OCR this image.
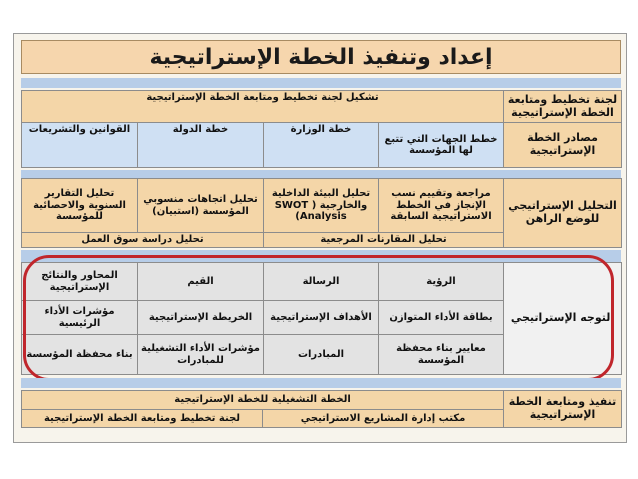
إعداد وتنفيذ الخطة الإستراتيجية
لجنة تخطيط ومتابعة الخطة الإستراتيجية	تشكيل لجنة تخطيط ومتابعة الخطة الإستراتيجية
مصادر الخطة الإستراتيجية	خطط الجهات التي تتبع لها المؤسسة	خطة الوزارة	خطة الدولة	القوانين والتشريعات
التحليل الإستراتيجي للوضع الراهن	مراجعة وتقييم نسب الإنجاز في الخطط الاستراتيجية السابقة	تحليل البيئة الداخلية والخارجية ( SWOT Analysis)	تحليل اتجاهات منسوبي المؤسسة (استبيان)	تحليل التقارير السنوية والاحصائية للمؤسسة
	تحليل المقارنات المرجعية		تحليل دراسة سوق العمل	
التوجه الإستراتيجي	الرؤية	الرسالة	القيم	المحاور والنتائج الإستراتيجية
	بطاقة الأداء المتوازن	الأهداف الإستراتيجية	الخريطة الإستراتيجية	مؤشرات الأداء الرئيسية
	معايير بناء محفظة المؤسسة	المبادرات	مؤشرات الأداء التشغيلية للمبادرات	بناء محفظة المؤسسة
تنفيذ ومتابعة الخطة الإستراتيجية	الخطة التشغيلية للخطة الإستراتيجية	
	مكتب إدارة المشاريع الاستراتيجي	لجنة تخطيط ومتابعة الخطة الإستراتيجية
